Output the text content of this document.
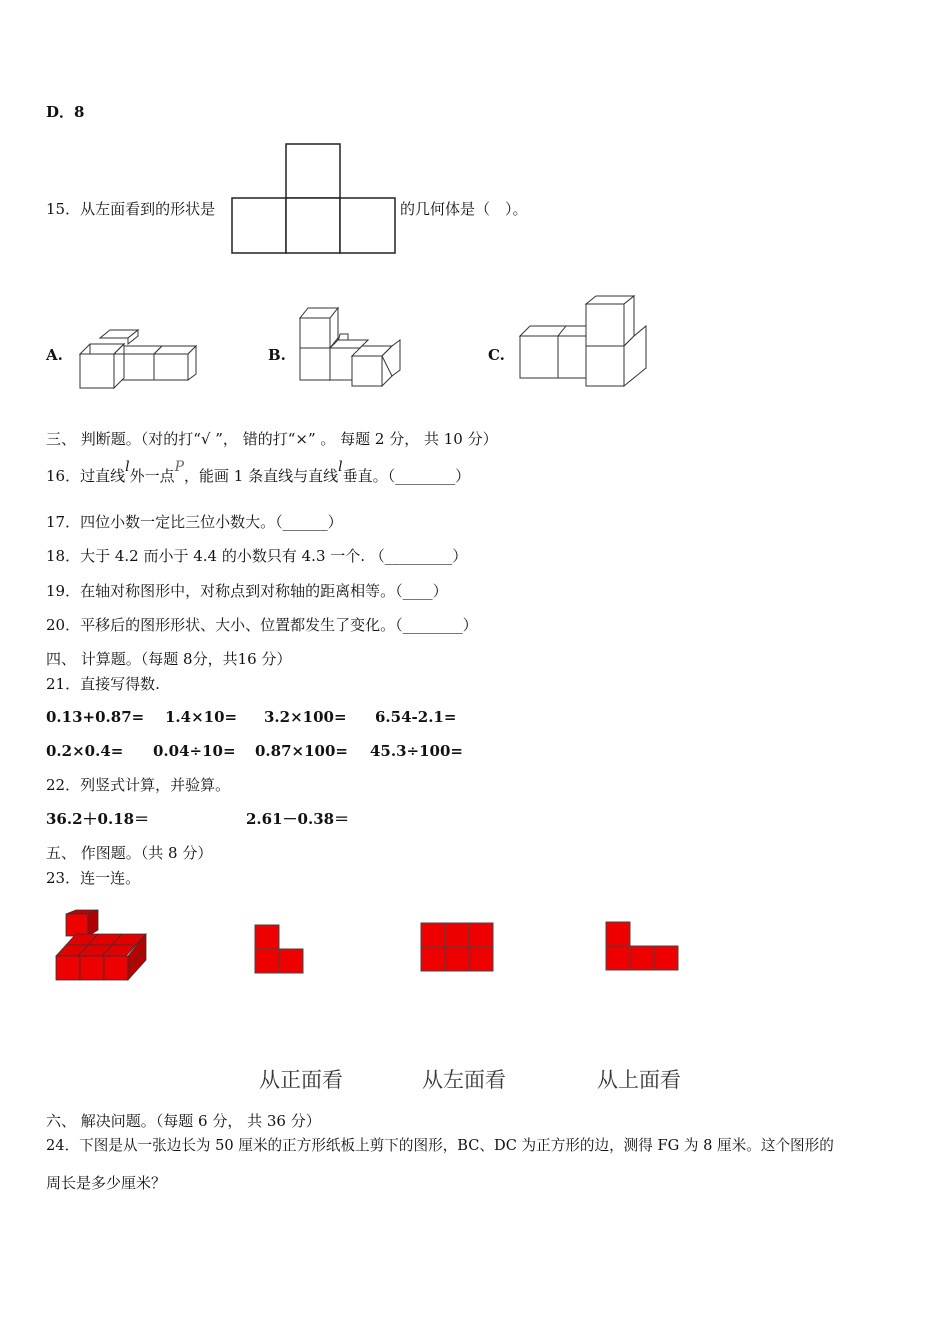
D．8
15．从左面看到的形状是	的几何体是（　）。
A.	B.	C.
三、 判断题。（对的打“√ ”， 错的打“×” 。 每题 2 分， 共 10 分）
16．过直线l外一点P，能画 1 条直线与直线l垂直。（________）
17．四位小数一定比三位小数大。（______）
18．大于 4.2 而小于 4.4 的小数只有 4.3 一个. （_________）
19．在轴对称图形中，对称点到对称轴的距离相等。（____）
20．平移后的图形形状、大小、位置都发生了变化。（________）
四、 计算题。（每题 8分，共16 分）
21．直接写得数.
0.13+0.87= 1.4×10= 3.2×100= 6.54-2.1=
0.2×0.4= 0.04÷10= 0.87×100= 45.3÷100=
22．列竖式计算，并验算。
36.2＋0.18＝	2.61－0.38＝
五、 作图题。（共 8 分）
23．连一连。
从正面看	从左面看	从上面看
六、 解决问题。（每题 6 分， 共 36 分）
24．下图是从一张边长为 50 厘米的正方形纸板上剪下的图形，BC、DC 为正方形的边，测得 FG 为 8 厘米。这个图形的
周长是多少厘米？
